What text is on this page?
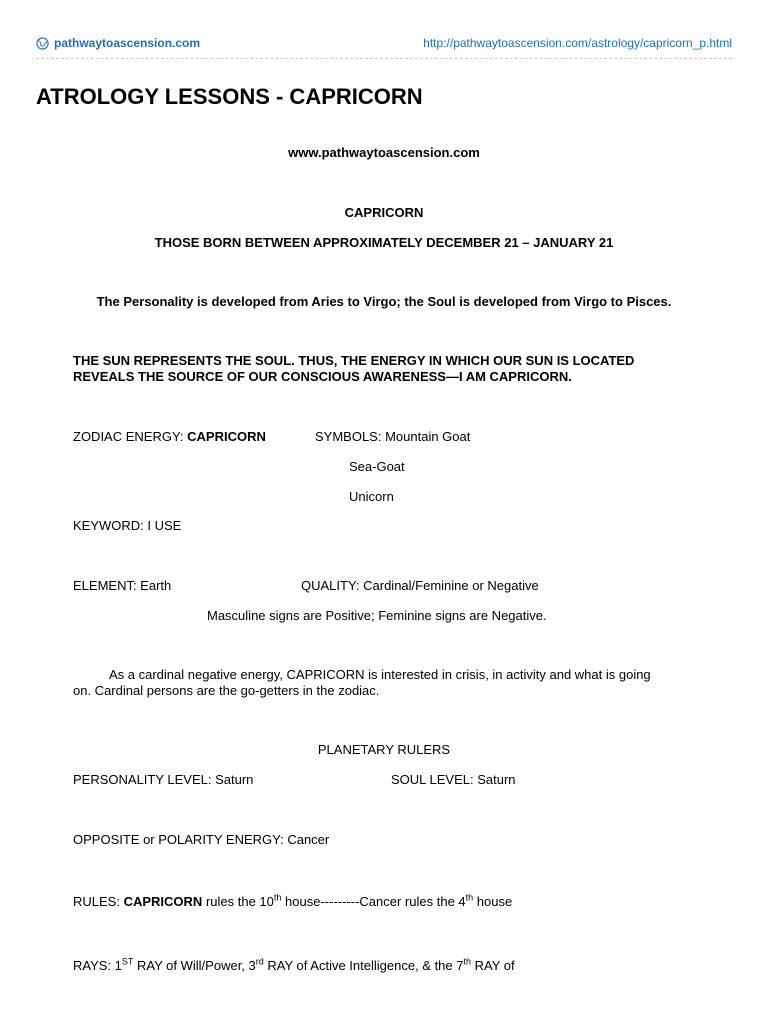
pathwaytoascension.com	http://pathwaytoascension.com/astrology/capricorn_p.html
ATROLOGY LESSONS - CAPRICORN
www.pathwaytoascension.com
CAPRICORN
THOSE BORN BETWEEN APPROXIMATELY DECEMBER 21 – JANUARY 21
The Personality is developed from Aries to Virgo; the Soul is developed from Virgo to Pisces.
THE SUN REPRESENTS THE SOUL. THUS, THE ENERGY IN WHICH OUR SUN IS LOCATED
REVEALS THE SOURCE OF OUR CONSCIOUS AWARENESS—I AM CAPRICORN.
ZODIAC ENERGY: CAPRICORN	SYMBOLS: Mountain Goat
Sea-Goat
Unicorn
KEYWORD: I USE
ELEMENT: Earth	QUALITY: Cardinal/Feminine or Negative
Masculine signs are Positive; Feminine signs are Negative.
As a cardinal negative energy, CAPRICORN is interested in crisis, in activity and what is going
on. Cardinal persons are the go-getters in the zodiac.
PLANETARY RULERS
PERSONALITY LEVEL: Saturn	SOUL LEVEL: Saturn
OPPOSITE or POLARITY ENERGY: Cancer
RULES: CAPRICORN rules the 10th house---------Cancer rules the 4th house
RAYS: 1ST RAY of Will/Power, 3rd RAY of Active Intelligence, & the 7th RAY of
